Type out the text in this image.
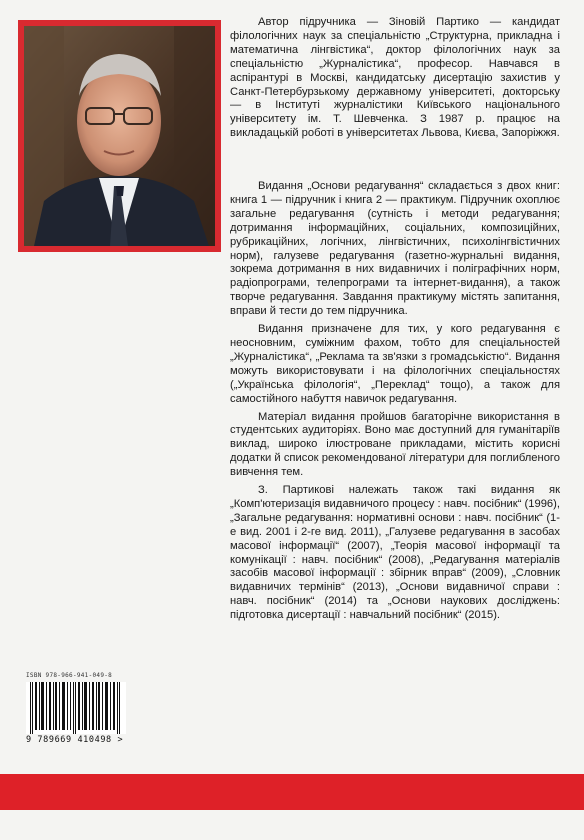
Автор підручника — Зіновій Партико — кандидат філологічних наук за спеціальністю „Структурна, прикладна і математична лінгвістика“, доктор філологічних наук за спеціальністю „Журналістика“, професор. Навчався в аспірантурі в Москві, кандидатську дисертацію захистив у Санкт-Петербурзькому державному університеті, докторську — в Інституті журналістики Київського національного університету ім. Т. Шевченка. З 1987 р. працює на викладацькій роботі в університетах Львова, Києва, Запоріжжя.

Видання „Основи редагування“ складається з двох книг: книга 1 — підручник і книга 2 — практикум. Підручник охоплює загальне редагування (сутність і методи редагування; дотримання інформаційних, соціальних, композиційних, рубрикаційних, логічних, лінгвістичних, психолінгвістичних норм), галузеве редагування (газетно-журнальні видання, зокрема дотримання в них видавничих і поліграфічних норм, радіопрограми, телепрограми та інтернет-видання), а також творче редагування. Завдання практикуму містять запитання, вправи й тести до тем підручника.

Видання призначене для тих, у кого редагування є неосновним, суміжним фахом, тобто для спеціальностей „Журналістика“, „Реклама та зв'язки з громадськістю“. Видання можуть використовувати і на філологічних спеціальностях („Українська філологія“, „Переклад“ тощо), а також для самостійного набуття навичок редагування.

Матеріал видання пройшов багаторічне використання в студентських аудиторіях. Воно має доступний для гуманітаріїв виклад, широко ілюстроване прикладами, містить корисні додатки й список рекомендованої літератури для поглибленого вивчення тем.

З. Партикові належать також такі видання як „Комп'ютеризація видавничого процесу : навч. посібник“ (1996), „Загальне редагування: нормативні основи : навч. посібник“ (1-е вид. 2001 і 2-ге вид. 2011), „Галузеве редагування в засобах масової інформації“ (2007), „Теорія масової інформації та комунікації : навч. посібник“ (2008), „Редагування матеріалів засобів масової інформації : збірник вправ“ (2009), „Словник видавничих термінів“ (2013), „Основи видавничої справи : навч. посібник“ (2014) та „Основи наукових досліджень: підготовка дисертації : навчальний посібник“ (2015).

ISBN 978-966-941-049-8
9 789669 410498 >
